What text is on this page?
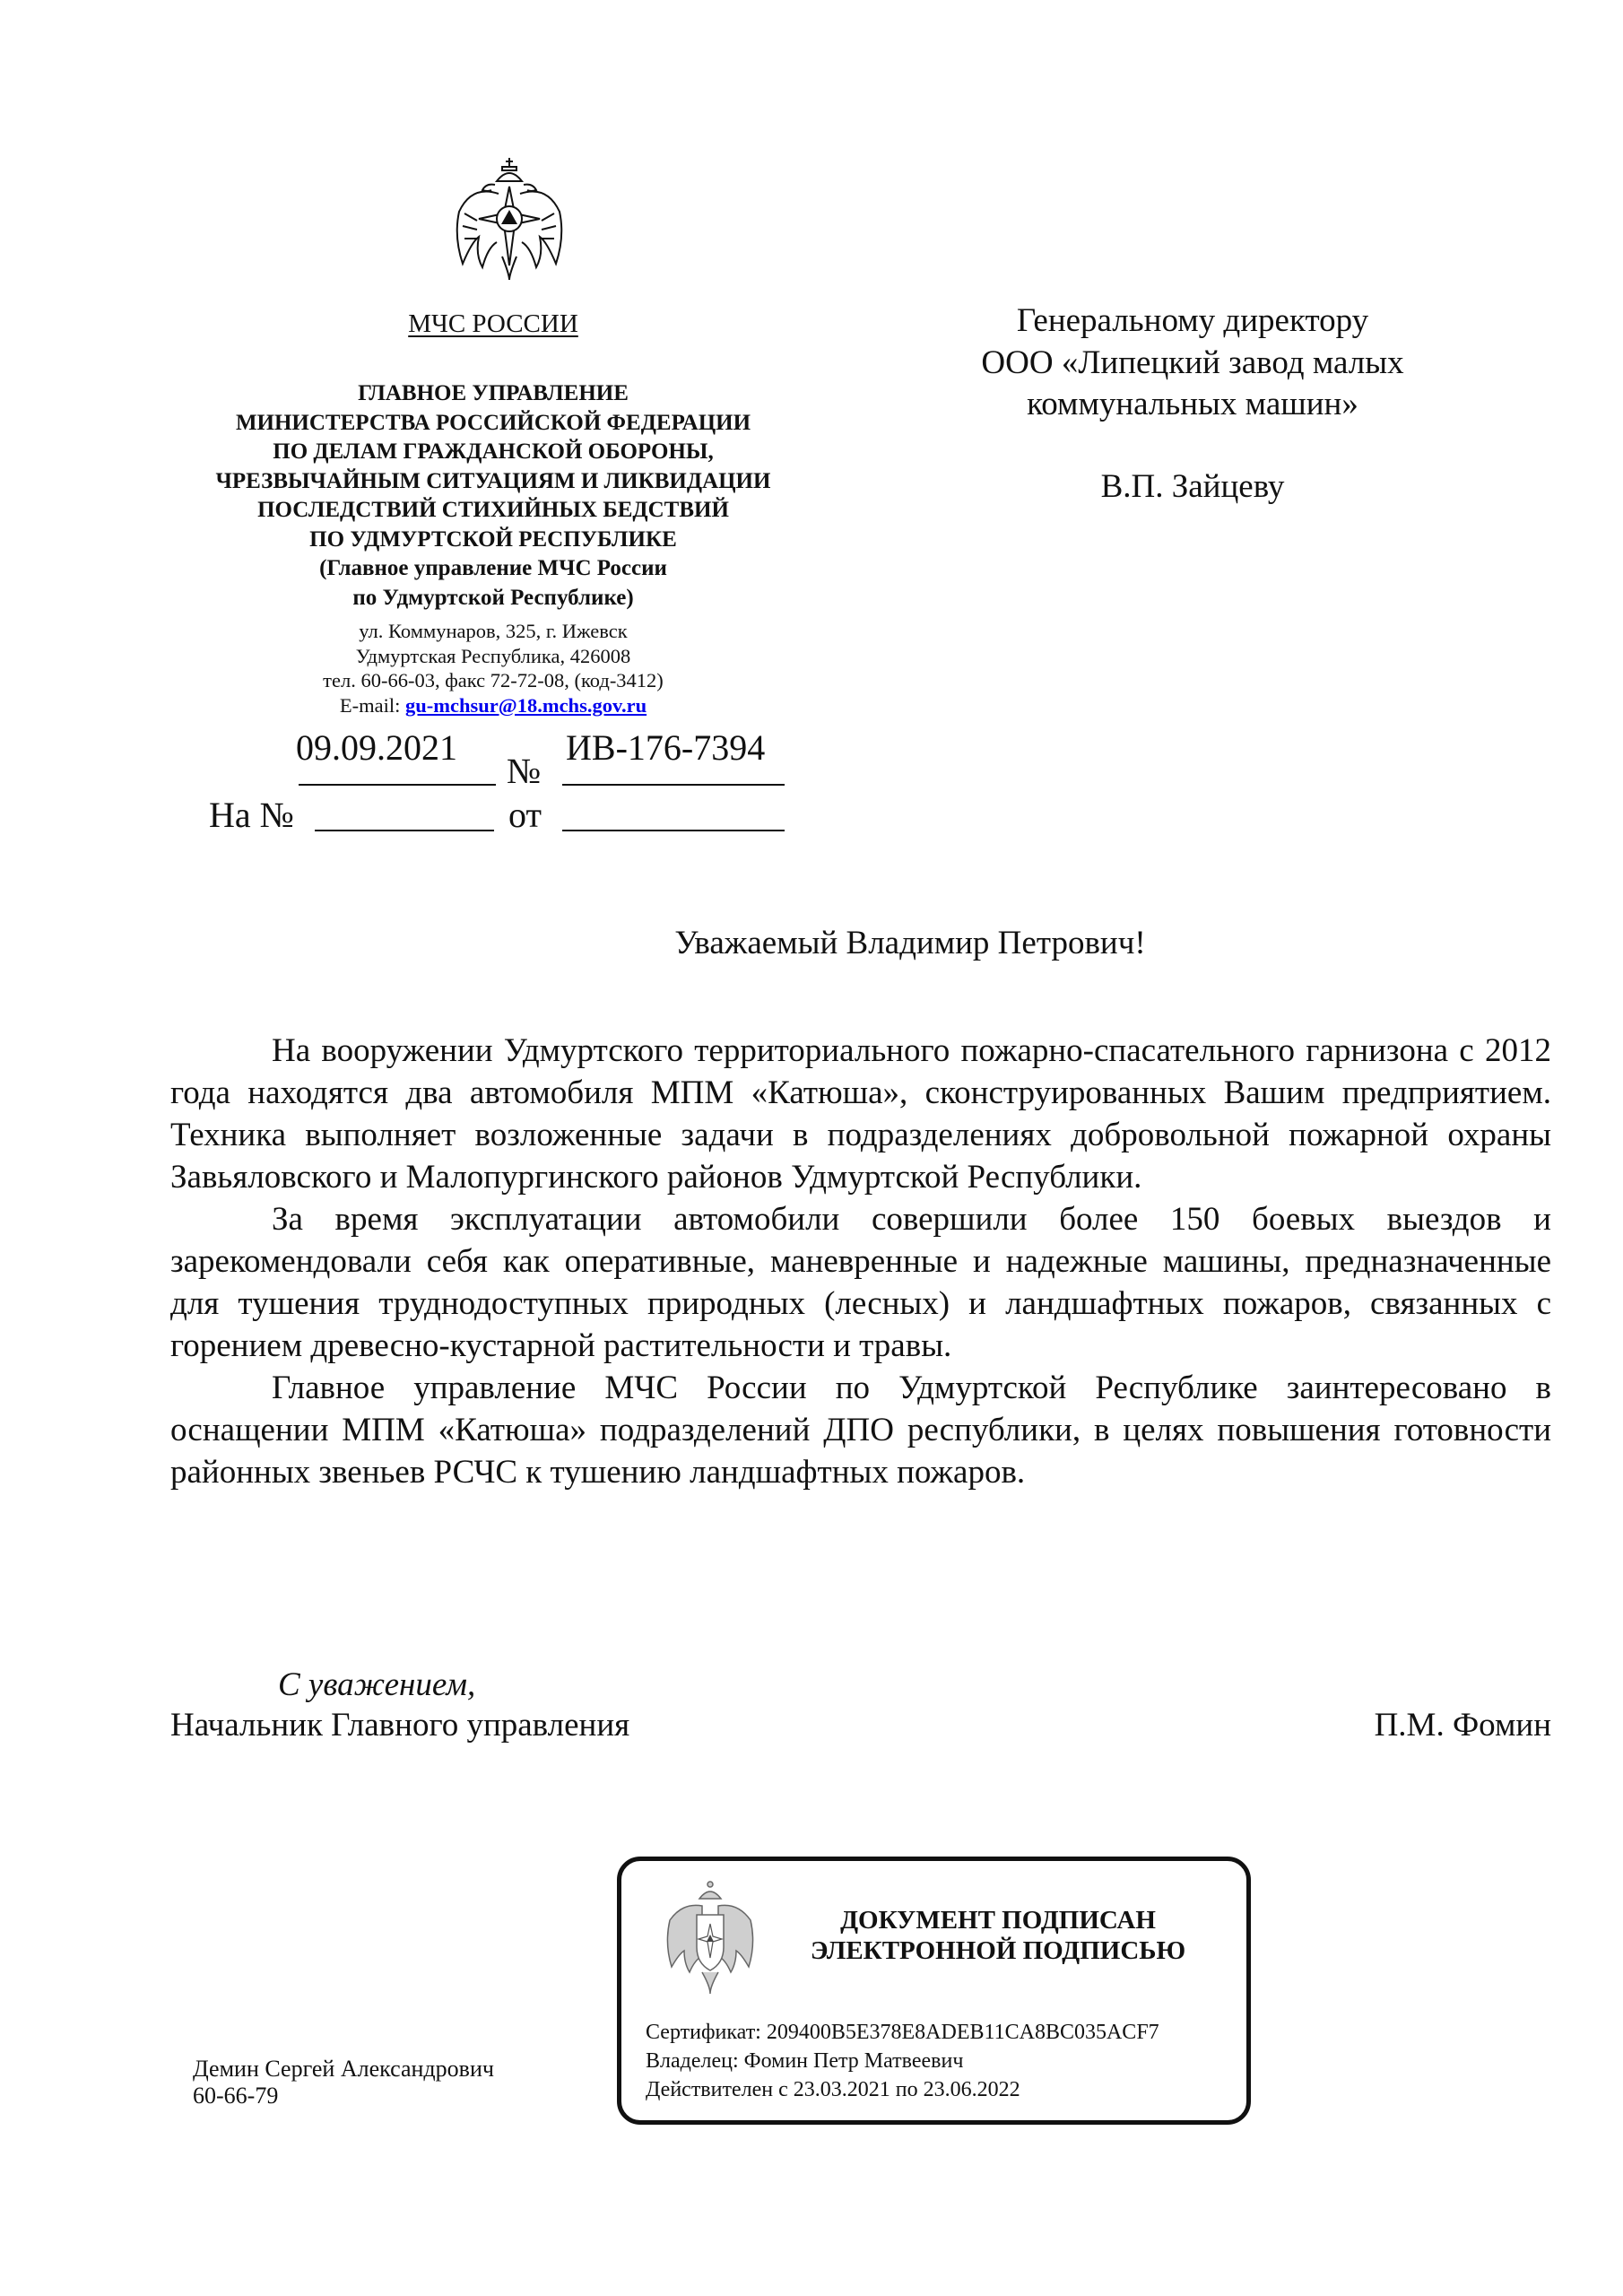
МЧС РОССИИ
ГЛАВНОЕ УПРАВЛЕНИЕ
МИНИСТЕРСТВА РОССИЙСКОЙ ФЕДЕРАЦИИ
ПО ДЕЛАМ ГРАЖДАНСКОЙ ОБОРОНЫ,
ЧРЕЗВЫЧАЙНЫМ СИТУАЦИЯМ И ЛИКВИДАЦИИ
ПОСЛЕДСТВИЙ СТИХИЙНЫХ БЕДСТВИЙ
ПО УДМУРТСКОЙ РЕСПУБЛИКЕ
(Главное управление МЧС России
по Удмуртской Республике)
ул. Коммунаров, 325, г. Ижевск
Удмуртская Республика, 426008
тел. 60-66-03, факс 72-72-08, (код-3412)
E-mail: gu-mchsur@18.mchs.gov.ru
09.09.2021
№
ИВ-176-7394
На №	от
Генеральному директору
ООО «Липецкий завод малых
коммунальных машин»
В.П. Зайцеву
Уважаемый Владимир Петрович!

На вооружении Удмуртского территориального пожарно-спасательного гарнизона с 2012 года находятся два автомобиля МПМ «Катюша», сконструированных Вашим предприятием. Техника выполняет возложенные задачи в подразделениях добровольной пожарной охраны Завьяловского и Малопургинского районов Удмуртской Республики.

За время эксплуатации автомобили совершили более 150 боевых выездов и зарекомендовали себя как оперативные, маневренные и надежные машины, предназначенные для тушения труднодоступных природных (лесных) и ландшафтных пожаров, связанных с горением древесно-кустарной растительности и травы.

Главное управление МЧС России по Удмуртской Республике заинтересовано в оснащении МПМ «Катюша» подразделений ДПО республики, в целях повышения готовности районных звеньев РСЧС к тушению ландшафтных пожаров.

С уважением,
Начальник Главного управления	П.М. Фомин
ДОКУМЕНТ ПОДПИСАН
ЭЛЕКТРОННОЙ ПОДПИСЬЮ
Сертификат: 209400B5E378E8ADEB11CA8BC035ACF7
Владелец: Фомин Петр Матвеевич
Действителен с 23.03.2021 по 23.06.2022
Демин Сергей Александрович
60-66-79
